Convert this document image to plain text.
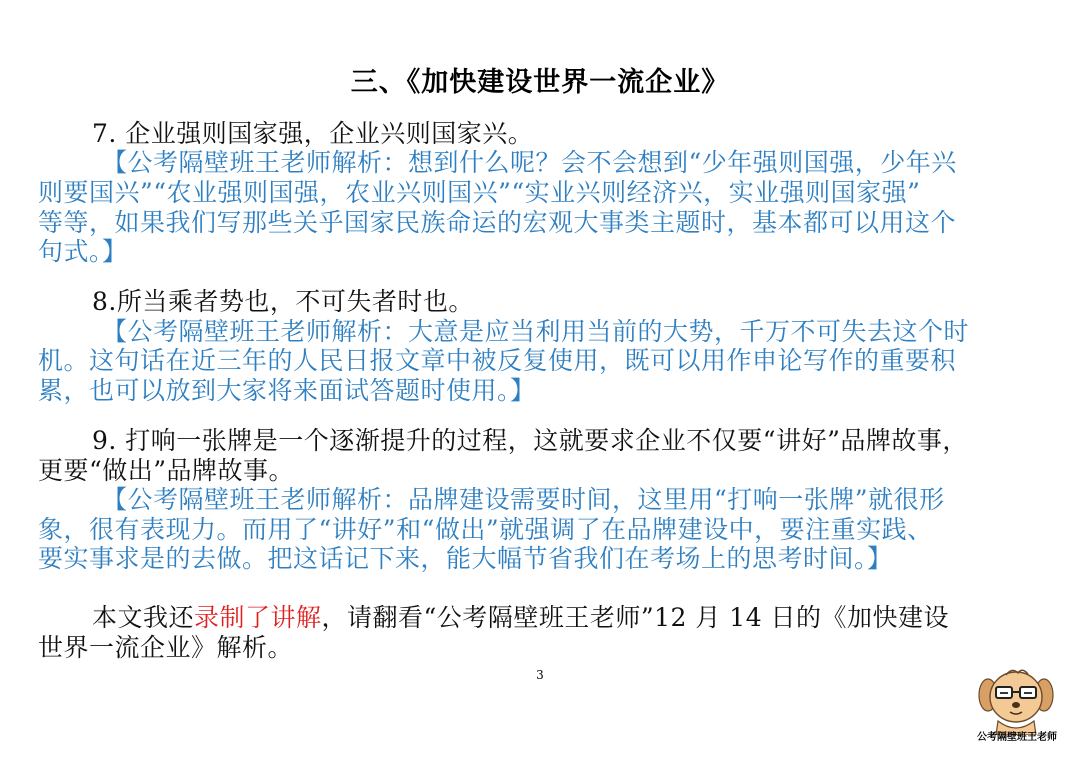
三、《加快建设世界一流企业》
7. 企业强则国家强，企业兴则国家兴。
【公考隔壁班王老师解析：想到什么呢？会不会想到“少年强则国强，少年兴
则要国兴”“农业强则国强，农业兴则国兴”“实业兴则经济兴，实业强则国家强”
等等，如果我们写那些关乎国家民族命运的宏观大事类主题时，基本都可以用这个
句式。】
8.所当乘者势也，不可失者时也。
【公考隔壁班王老师解析：大意是应当利用当前的大势，千万不可失去这个时
机。这句话在近三年的人民日报文章中被反复使用，既可以用作申论写作的重要积
累，也可以放到大家将来面试答题时使用。】
9. 打响一张牌是一个逐渐提升的过程，这就要求企业不仅要“讲好”品牌故事，
更要“做出”品牌故事。
【公考隔壁班王老师解析：品牌建设需要时间，这里用“打响一张牌”就很形
象，很有表现力。而用了“讲好”和“做出”就强调了在品牌建设中，要注重实践、
要实事求是的去做。把这话记下来，能大幅节省我们在考场上的思考时间。】
本文我还录制了讲解，请翻看“公考隔壁班王老师”12 月 14 日的《加快建设
世界一流企业》解析。
3
公考隔壁班王老师
